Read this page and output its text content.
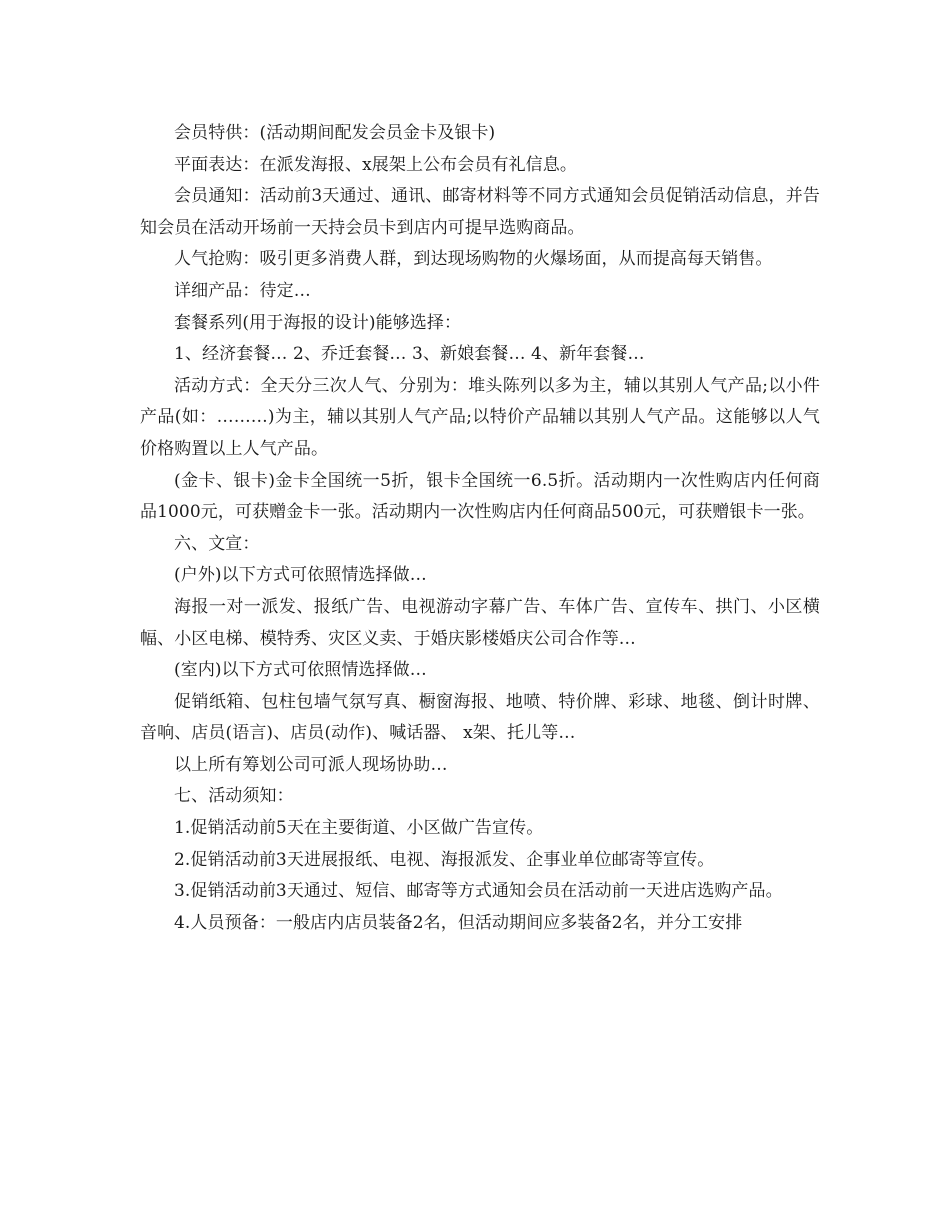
会员特供：(活动期间配发会员金卡及银卡)

平面表达：在派发海报、x展架上公布会员有礼信息。

会员通知：活动前3天通过、通讯、邮寄材料等不同方式通知会员促销活动信息，并告知会员在活动开场前一天持会员卡到店内可提早选购商品。

人气抢购：吸引更多消费人群，到达现场购物的火爆场面，从而提高每天销售。

详细产品：待定…

套餐系列(用于海报的设计)能够选择：

1、经济套餐… 2、乔迁套餐… 3、新娘套餐… 4、新年套餐…

活动方式：全天分三次人气、分别为：堆头陈列以多为主，辅以其别人气产品;以小件产品(如：………)为主，辅以其别人气产品;以特价产品辅以其别人气产品。这能够以人气价格购置以上人气产品。

(金卡、银卡)金卡全国统一5折，银卡全国统一6.5折。活动期内一次性购店内任何商品1000元，可获赠金卡一张。活动期内一次性购店内任何商品500元，可获赠银卡一张。

六、文宣：

(户外)以下方式可依照情选择做…

海报一对一派发、报纸广告、电视游动字幕广告、车体广告、宣传车、拱门、小区横幅、小区电梯、模特秀、灾区义卖、于婚庆影楼婚庆公司合作等…

(室内)以下方式可依照情选择做…

促销纸箱、包柱包墙气氛写真、橱窗海报、地喷、特价牌、彩球、地毯、倒计时牌、音响、店员(语言)、店员(动作)、喊话器、 x架、托儿等…

以上所有筹划公司可派人现场协助…

七、活动须知：

1.促销活动前5天在主要街道、小区做广告宣传。

2.促销活动前3天进展报纸、电视、海报派发、企事业单位邮寄等宣传。

3.促销活动前3天通过、短信、邮寄等方式通知会员在活动前一天进店选购产品。

4.人员预备：一般店内店员装备2名，但活动期间应多装备2名，并分工安排
